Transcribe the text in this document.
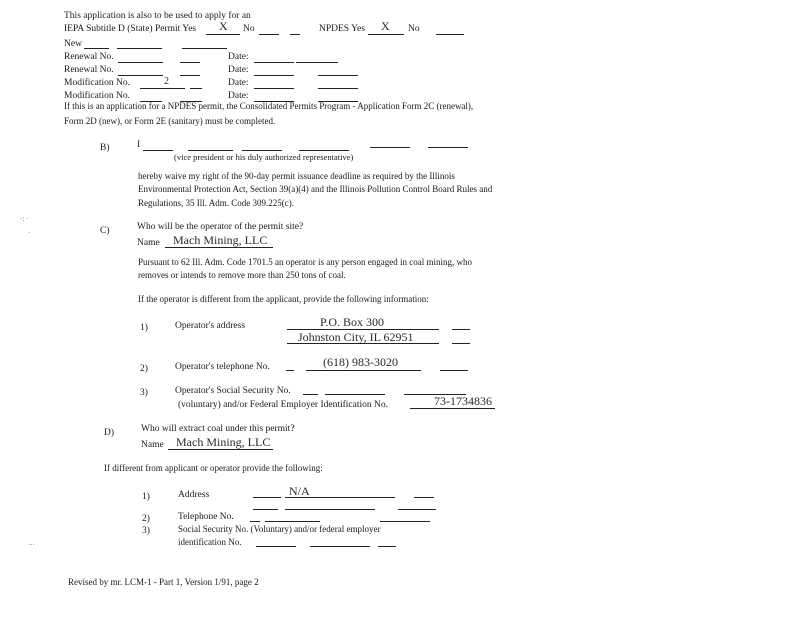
This application is also to be used to apply for an
IEPA Subtitle D (State) Permit Yes X No	NPDES Yes X No
New
Renewal No.	Date:
Renewal No.	Date:
Modification No.	2	Date:
Modification No.	Date:
If this is an application for a NPDES permit, the Consolidated Permits Program - Application Form 2C (renewal),
Form 2D (new), or Form 2E (sanitary) must be completed.
B)	I
(vice president or his duly authorized representative)
hereby waive my right of the 90-day permit issuance deadline as required by the Illinois
Environmental Protection Act, Section 39(a)(4) and the Illinois Pollution Control Board Rules and
Regulations, 35 Ill. Adm. Code 309.225(c).
·: ·
·	C)	Who will be the operator of the permit site?
Name Mach Mining, LLC
Pursuant to 62 Ill. Adm. Code 1701.5 an operator is any person engaged in coal mining, who
removes or intends to remove more than 250 tons of coal.
If the operator is different from the applicant, provide the following information:
1)	Operator's address	P.O. Box 300
Johnston City, IL 62951
2)	Operator's telephone No.	(618) 983-3020
3)	Operator's Social Security No.
(voluntary) and/or Federal Employer Identification No.	73-1734836
D)	Who will extract coal under this permit?
Name Mach Mining, LLC
If different from applicant or operator provide the following:
1)	Address	N/A
2)	Telephone No.
3)	Social Security No. (Voluntary) and/or federal employer
identification No.
···
Revised by mr. LCM-1 - Part 1, Version 1/91, page 2
